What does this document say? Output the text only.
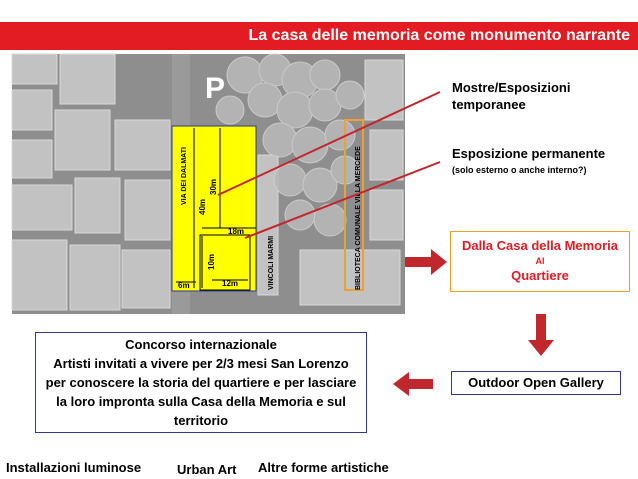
La casa delle memoria come monumento narrante
P
VIA DEI DALMATI
VINCOLI MARMI	BIBLIOTECA COMUNALE VILLA MERCEDE
40m
30m
18m
10m
12m
6m
Mostre/Esposizioni temporanee
Esposizione permanente
(solo esterno o anche interno?)
Dalla Casa della Memoria
Al
Quartiere
Outdoor Open Gallery
Concorso internazionale
Artisti invitati a vivere per 2/3 mesi San Lorenzo per conoscere la storia del quartiere e per lasciare la loro impronta sulla Casa della Memoria e sul territorio
Installazioni luminose	Urban Art Altre forme artistiche
